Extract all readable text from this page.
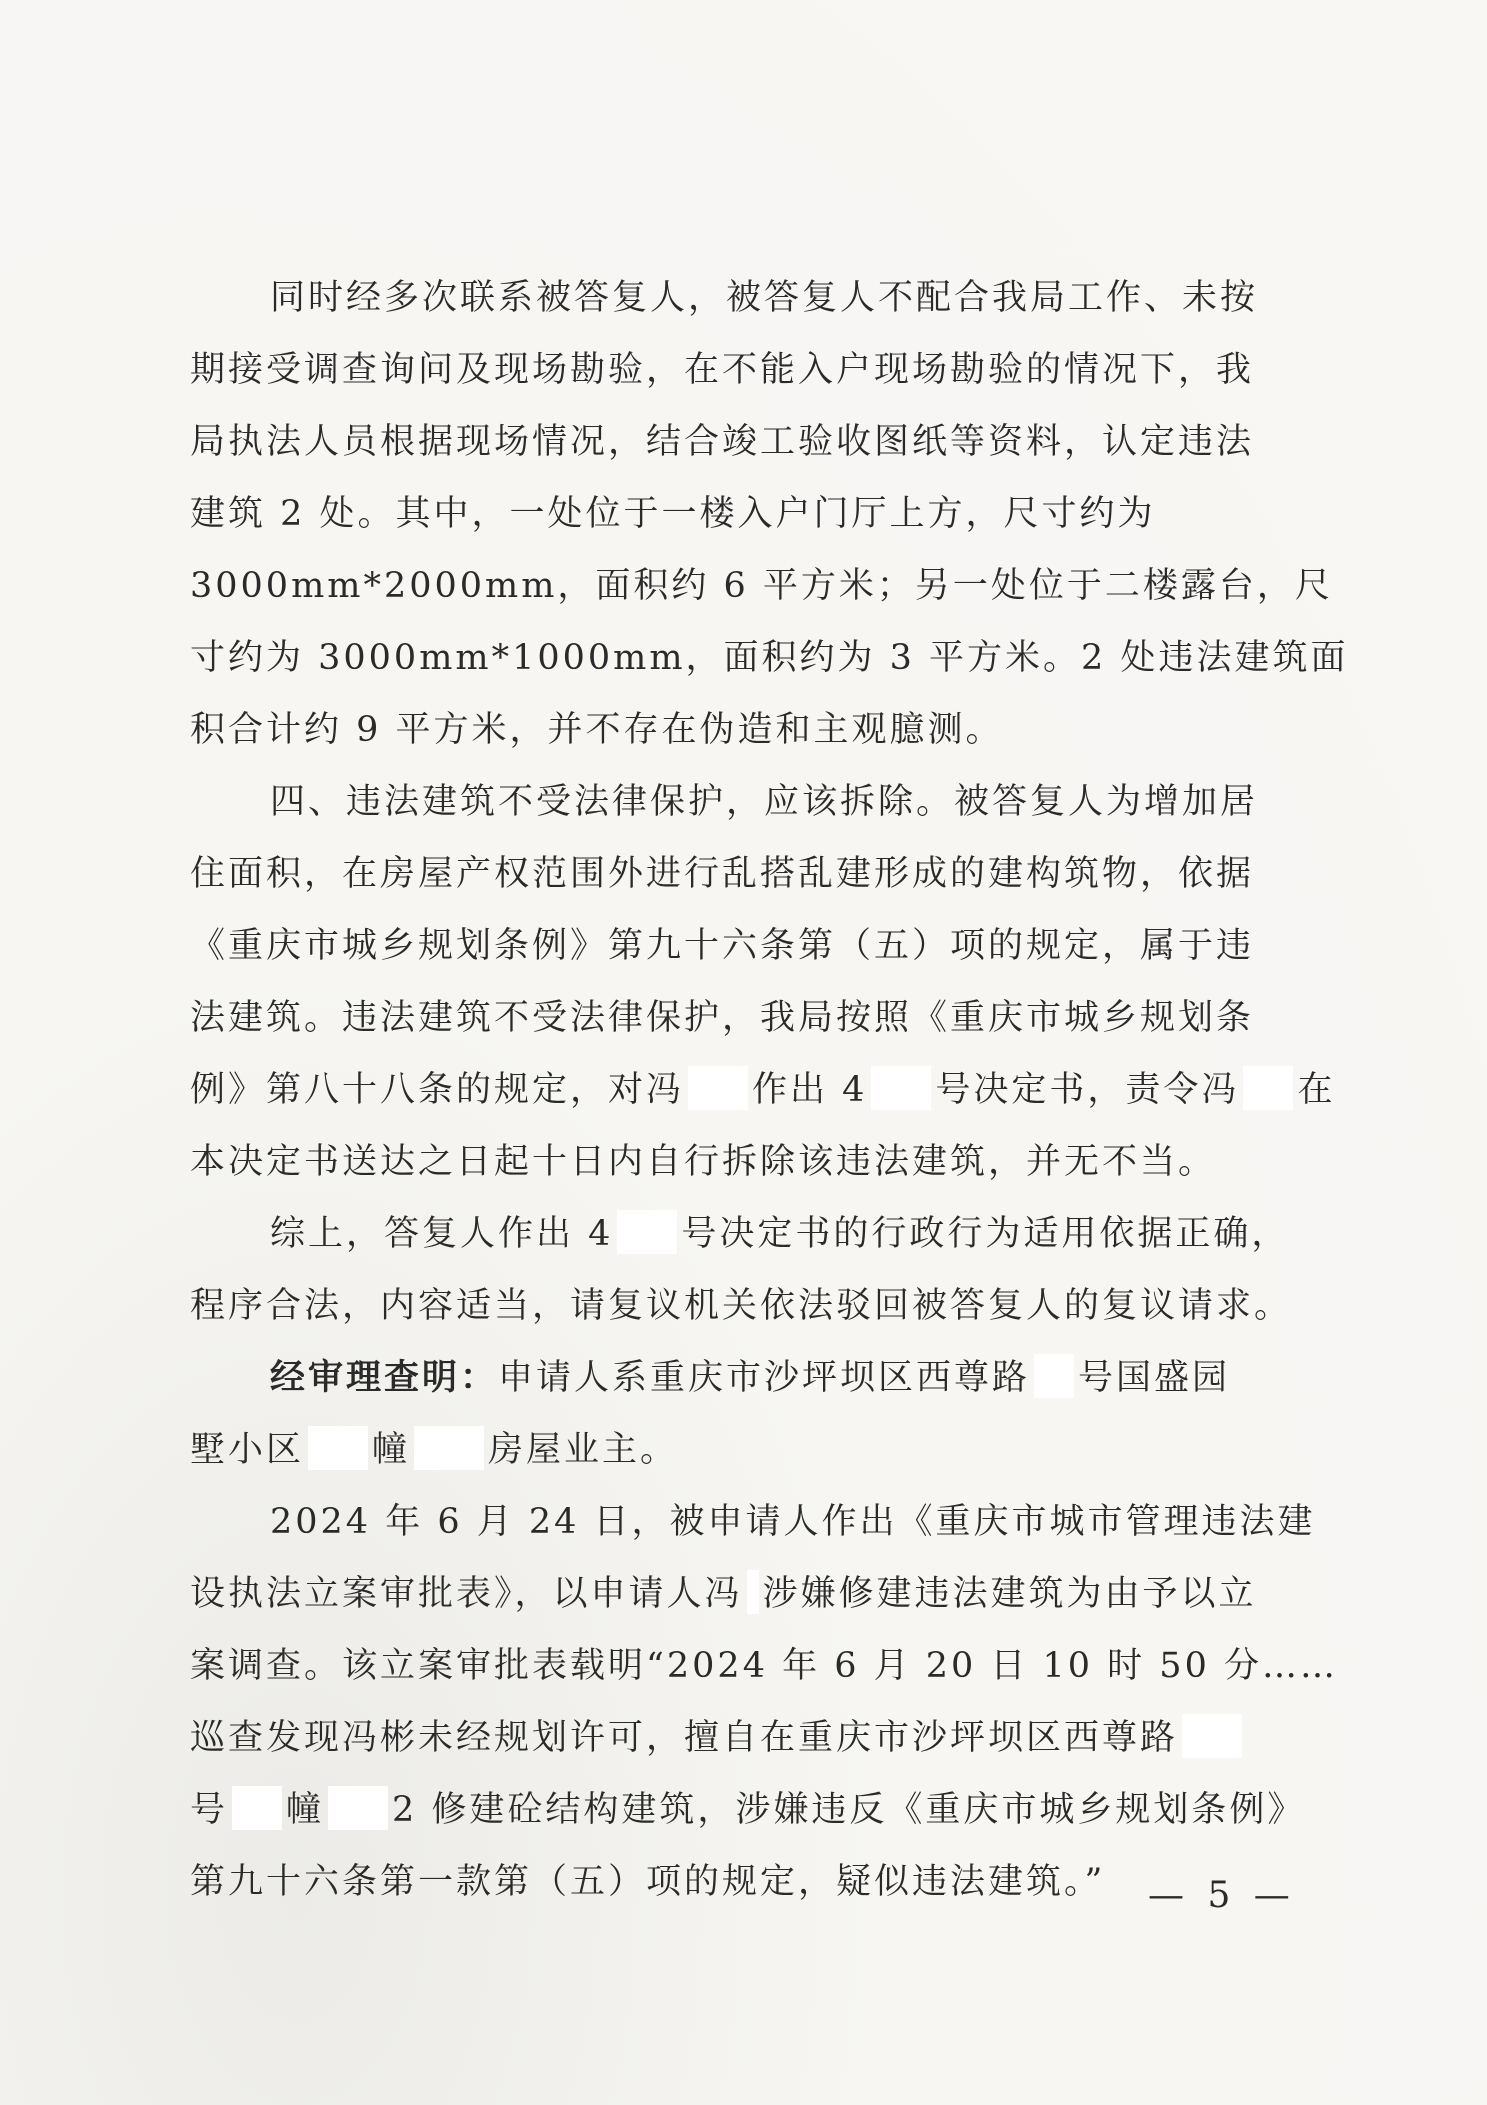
同时经多次联系被答复人，被答复人不配合我局工作、未按
期接受调查询问及现场勘验，在不能入户现场勘验的情况下，我
局执法人员根据现场情况，结合竣工验收图纸等资料，认定违法
建筑 2 处。其中，一处位于一楼入户门厅上方，尺寸约为
3000mm*2000mm，面积约 6 平方米；另一处位于二楼露台，尺
寸约为 3000mm*1000mm，面积约为 3 平方米。2 处违法建筑面
积合计约 9 平方米，并不存在伪造和主观臆测。
四、违法建筑不受法律保护，应该拆除。被答复人为增加居
住面积，在房屋产权范围外进行乱搭乱建形成的建构筑物，依据
《重庆市城乡规划条例》第九十六条第（五）项的规定，属于违
法建筑。违法建筑不受法律保护，我局按照《重庆市城乡规划条
例》第八十八条的规定，对冯 作出 4 号决定书，责令冯 在
本决定书送达之日起十日内自行拆除该违法建筑，并无不当。
综上，答复人作出 4 号决定书的行政行为适用依据正确，
程序合法，内容适当，请复议机关依法驳回被答复人的复议请求。
经审理查明：申请人系重庆市沙坪坝区西尊路 号国盛园
墅小区 幢 房屋业主。
2024 年 6 月 24 日，被申请人作出《重庆市城市管理违法建
设执法立案审批表》，以申请人冯 涉嫌修建违法建筑为由予以立
案调查。该立案审批表载明“2024 年 6 月 20 日 10 时 50 分……
巡查发现冯彬未经规划许可，擅自在重庆市沙坪坝区西尊路
号 幢 2 修建砼结构建筑，涉嫌违反《重庆市城乡规划条例》
第九十六条第一款第（五）项的规定，疑似违法建筑。”	— 5 —
